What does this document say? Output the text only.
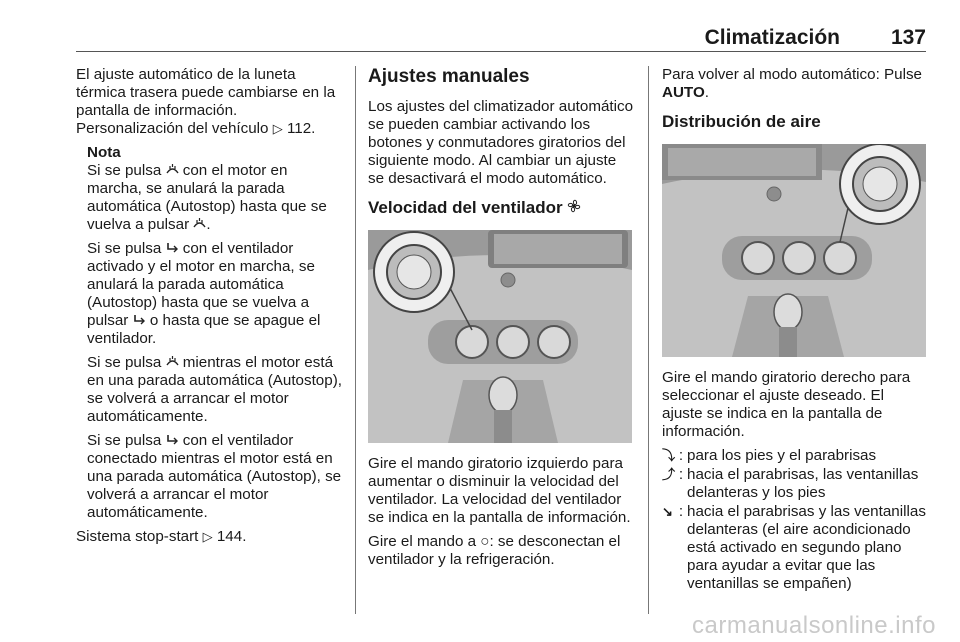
Climatización 137

El ajuste automático de la luneta térmica trasera puede cambiarse en la pantalla de información. Personalización del vehículo ▷ 112.

Nota

Si se pulsa con el motor en marcha, se anulará la parada automática (Autostop) hasta que se vuelva a pulsar .

Si se pulsa con el ventilador activado y el motor en marcha, se anulará la parada automática (Autostop) hasta que se vuelva a pulsar o hasta que se apague el ventilador.

Si se pulsa mientras el motor está en una parada automática (Autostop), se volverá a arrancar el motor automáticamente.

Si se pulsa con el ventilador conectado mientras el motor está en una parada automática (Autostop), se volverá a arrancar el motor automáticamente.

Sistema stop-start ▷ 144.

Ajustes manuales

Los ajustes del climatizador automático se pueden cambiar activando los botones y conmutadores giratorios del siguiente modo. Al cambiar un ajuste se desactivará el modo automático.

Velocidad del ventilador

Gire el mando giratorio izquierdo para aumentar o disminuir la velocidad del ventilador. La velocidad del ventilador se indica en la pantalla de información.

Gire el mando a ○: se desconectan el ventilador y la refrigeración.

Para volver al modo automático: Pulse AUTO.

Distribución de aire

Gire el mando giratorio derecho para seleccionar el ajuste deseado. El ajuste se indica en la pantalla de información.

⤵ : para los pies y el parabrisas
⤴ : hacia el parabrisas, las ventanillas delanteras y los pies
↘ : hacia el parabrisas y las ventanillas delanteras (el aire acondicionado está activado en segundo plano para ayudar a evitar que las ventanillas se empañen)
carmanualsonline.info
